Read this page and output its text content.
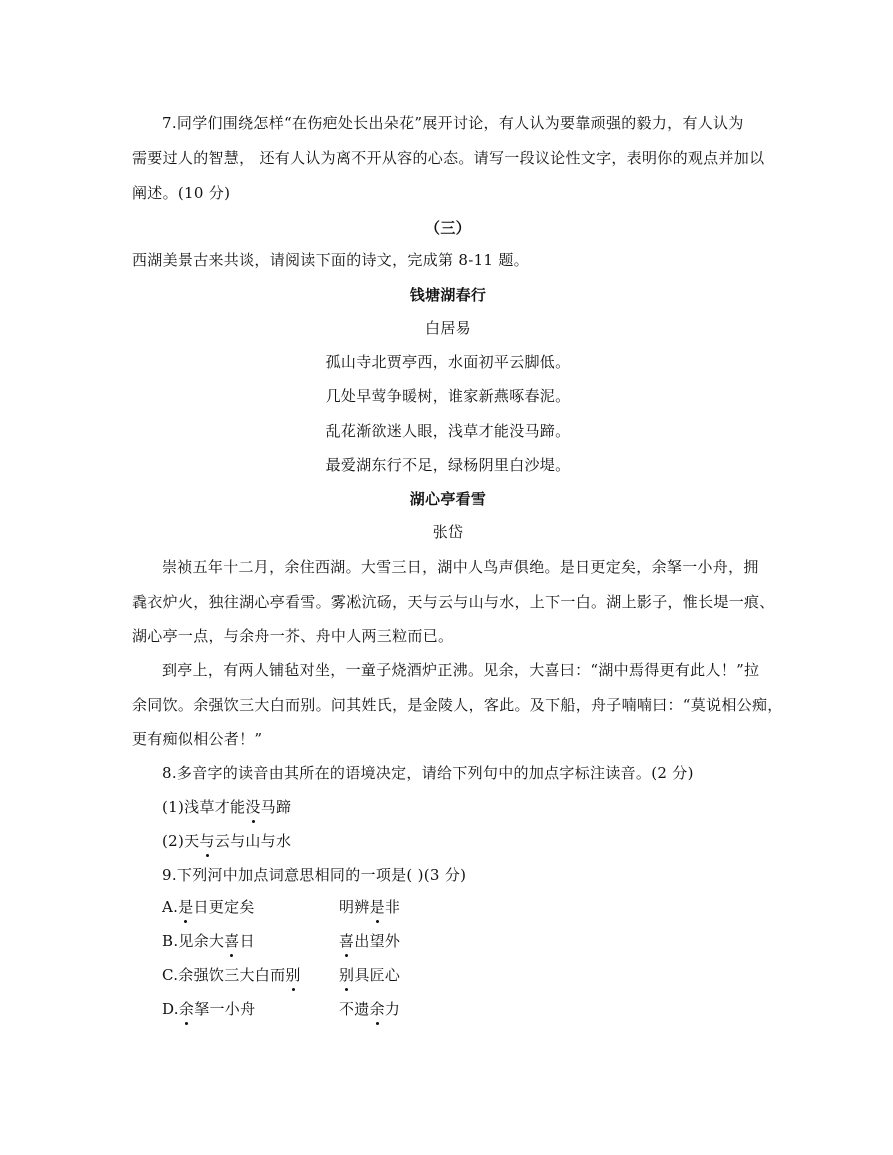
7.同学们围绕怎样“在伤疤处长出朵花”展开讨论，有人认为要靠顽强的毅力，有人认为
需要过人的智慧， 还有人认为离不开从容的心态。请写一段议论性文字，表明你的观点并加以
阐述。(10 分)
（三）
西湖美景古来共谈，请阅读下面的诗文，完成第 8-11 题。
钱塘湖春行
白居易
孤山寺北贾亭西，水面初平云脚低。
几处早莺争暖树，谁家新燕啄春泥。
乱花渐欲迷人眼，浅草才能没马蹄。
最爱湖东行不足，绿杨阴里白沙堤。
湖心亭看雪
张岱
崇祯五年十二月，余住西湖。大雪三日，湖中人鸟声俱绝。是日更定矣，余拏一小舟，拥
毳衣炉火，独往湖心亭看雪。雾凇沆砀，天与云与山与水，上下一白。湖上影子，惟长堤一痕、
湖心亭一点，与余舟一芥、舟中人两三粒而已。
到亭上，有两人铺毡对坐，一童子烧酒炉正沸。见余，大喜曰：“湖中焉得更有此人！”拉
余同饮。余强饮三大白而别。问其姓氏，是金陵人，客此。及下船，舟子喃喃曰：“莫说相公痴，
更有痴似相公者！”
8.多音字的读音由其所在的语境决定，请给下列句中的加点字标注读音。(2 分)
(1)浅草才能没马蹄
(2)天与云与山与水
9.下列河中加点词意思相同的一项是( )(3 分)
A.是日更定矣	明辨是非
B.见余大喜日	喜出望外
C.余强饮三大白而别	别具匠心
D.余拏一小舟	不遗余力
